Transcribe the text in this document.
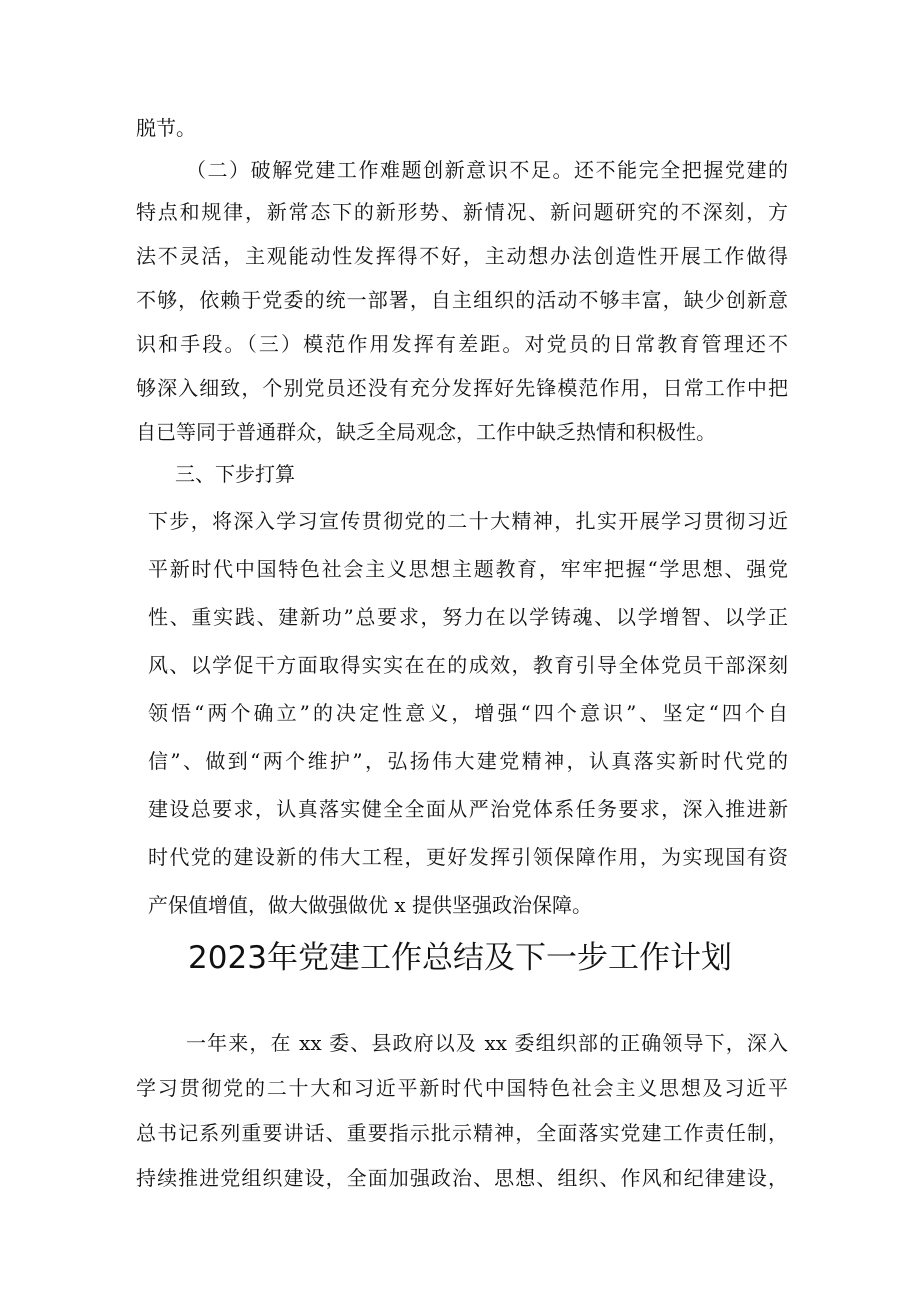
脱节。
（二）破解党建工作难题创新意识不足。还不能完全把握党建的
特点和规律，新常态下的新形势、新情况、新问题研究的不深刻，方
法不灵活，主观能动性发挥得不好，主动想办法创造性开展工作做得
不够，依赖于党委的统一部署，自主组织的活动不够丰富，缺少创新意
识和手段。（三）模范作用发挥有差距。对党员的日常教育管理还不
够深入细致，个别党员还没有充分发挥好先锋模范作用，日常工作中把
自已等同于普通群众，缺乏全局观念，工作中缺乏热情和积极性。
三、下步打算
下步，将深入学习宣传贯彻党的二十大精神，扎实开展学习贯彻习近
平新时代中国特色社会主义思想主题教育，牢牢把握“学思想、强党
性、重实践、建新功”总要求，努力在以学铸魂、以学增智、以学正
风、以学促干方面取得实实在在的成效，教育引导全体党员干部深刻
领悟“两个确立”的决定性意义，增强“四个意识”、坚定“四个自
信”、做到“两个维护”，弘扬伟大建党精神，认真落实新时代党的
建设总要求，认真落实健全全面从严治党体系任务要求，深入推进新
时代党的建设新的伟大工程，更好发挥引领保障作用，为实现国有资
产保值增值，做大做强做优 x 提供坚强政治保障。
2023年党建工作总结及下一步工作计划
一年来，在 xx 委、县政府以及 xx 委组织部的正确领导下，深入
学习贯彻党的二十大和习近平新时代中国特色社会主义思想及习近平
总书记系列重要讲话、重要指示批示精神，全面落实党建工作责任制，
持续推进党组织建设，全面加强政治、思想、组织、作风和纪律建设，
